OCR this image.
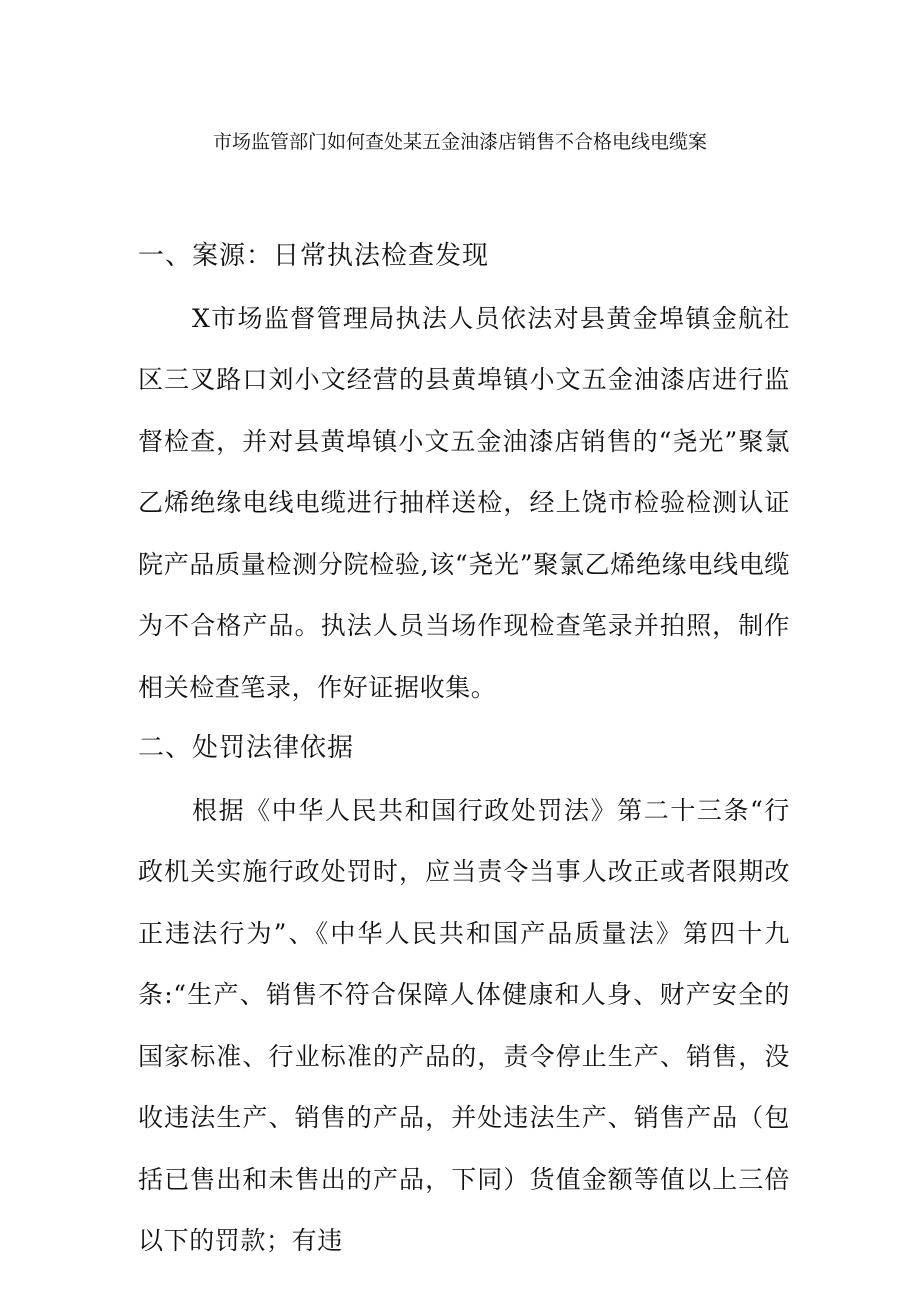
市场监管部门如何查处某五金油漆店销售不合格电线电缆案
一、案源：日常执法检查发现

X市场监督管理局执法人员依法对县黄金埠镇金航社区三叉路口刘小文经营的县黄埠镇小文五金油漆店进行监督检查，并对县黄埠镇小文五金油漆店销售的“尧光”聚氯乙烯绝缘电线电缆进行抽样送检，经上饶市检验检测认证院产品质量检测分院检验,该“尧光”聚氯乙烯绝缘电线电缆为不合格产品。执法人员当场作现检查笔录并拍照，制作相关检查笔录，作好证据收集。

二、处罚法律依据

根据《中华人民共和国行政处罚法》第二十三条“行政机关实施行政处罚时，应当责令当事人改正或者限期改正违法行为”、《中华人民共和国产品质量法》第四十九条:“生产、销售不符合保障人体健康和人身、财产安全的国家标准、行业标准的产品的，责令停止生产、销售，没收违法生产、销售的产品，并处违法生产、销售产品（包括已售出和未售出的产品，下同）货值金额等值以上三倍以下的罚款；有违
